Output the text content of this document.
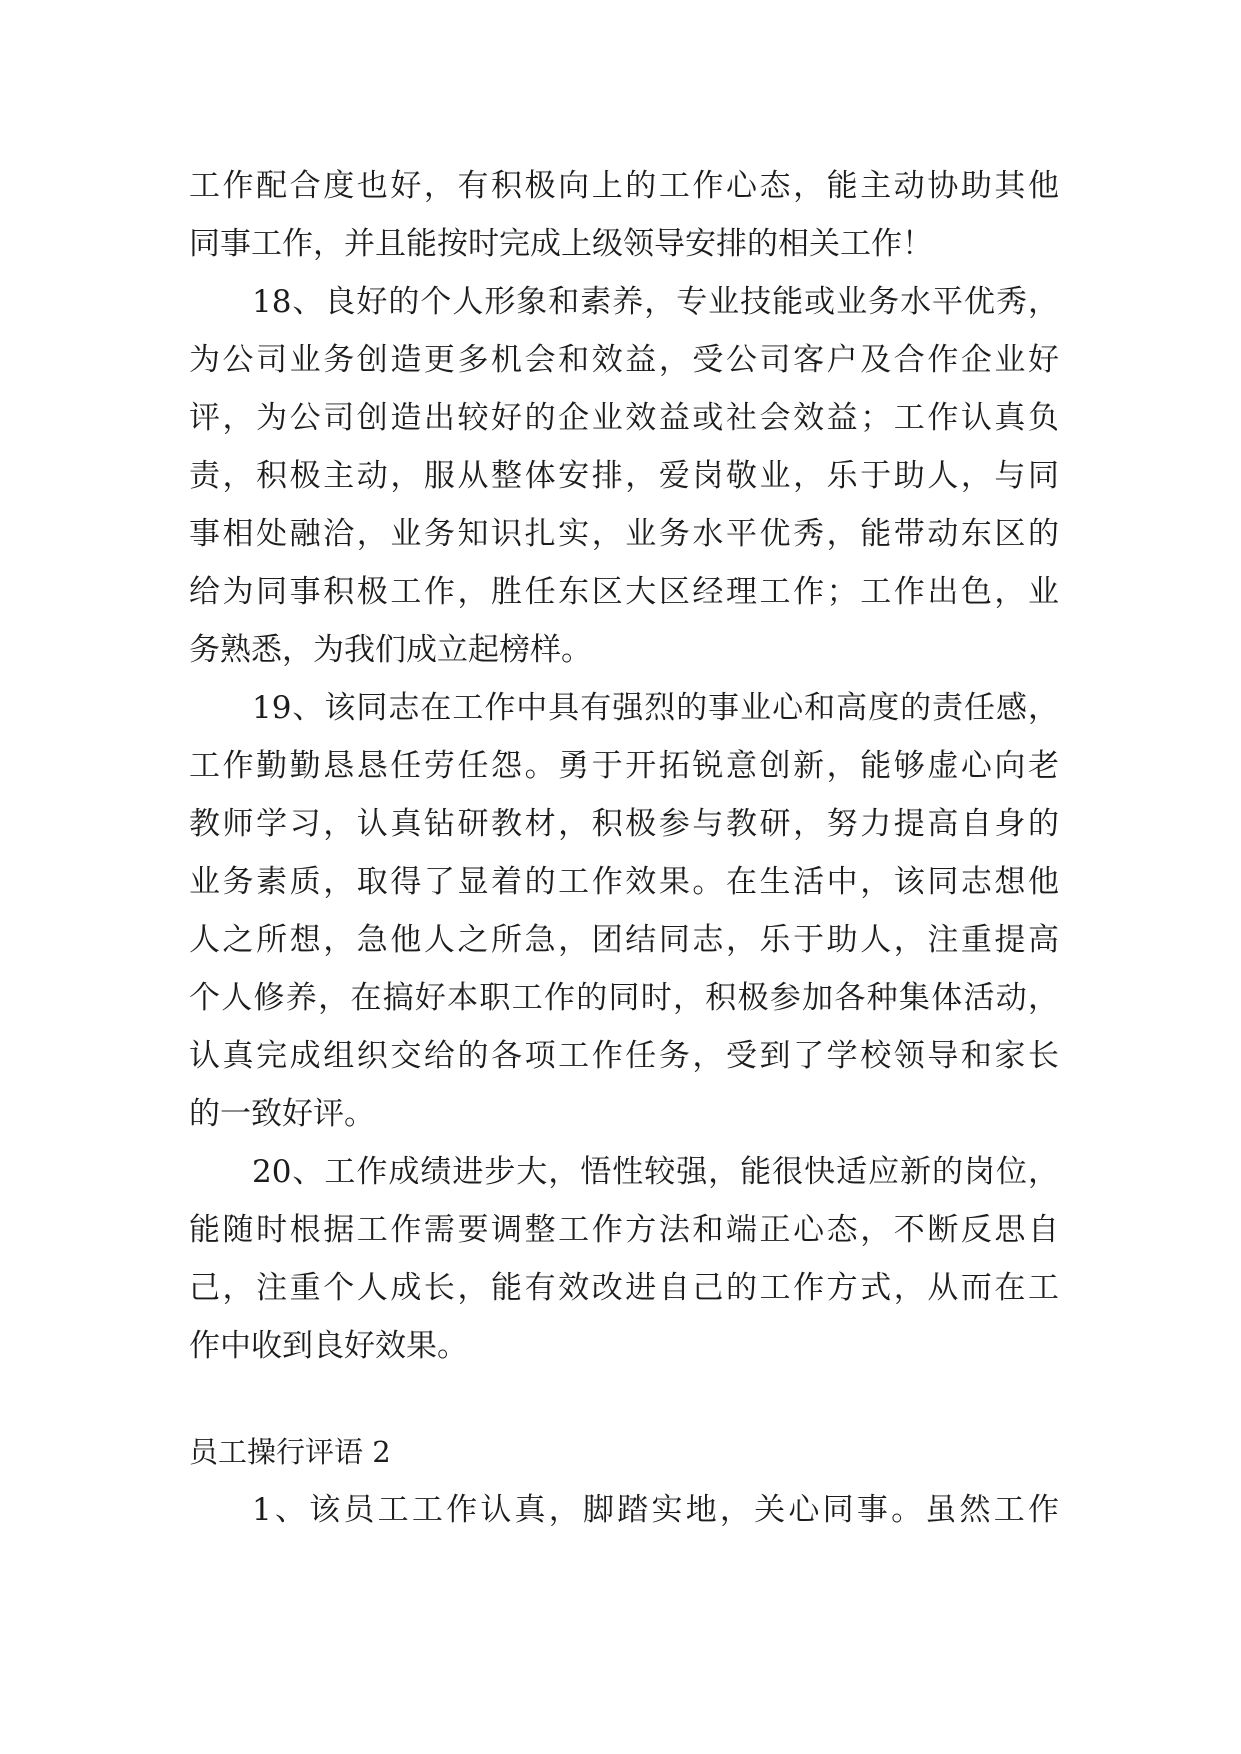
工作配合度也好，有积极向上的工作心态，能主动协助其他
同事工作，并且能按时完成上级领导安排的相关工作！
18、良好的个人形象和素养，专业技能或业务水平优秀，
为公司业务创造更多机会和效益，受公司客户及合作企业好
评，为公司创造出较好的企业效益或社会效益；工作认真负
责，积极主动，服从整体安排，爱岗敬业，乐于助人，与同
事相处融洽，业务知识扎实，业务水平优秀，能带动东区的
给为同事积极工作，胜任东区大区经理工作；工作出色，业
务熟悉，为我们成立起榜样。
19、该同志在工作中具有强烈的事业心和高度的责任感，
工作勤勤恳恳任劳任怨。勇于开拓锐意创新，能够虚心向老
教师学习，认真钻研教材，积极参与教研，努力提高自身的
业务素质，取得了显着的工作效果。在生活中，该同志想他
人之所想，急他人之所急，团结同志，乐于助人，注重提高
个人修养，在搞好本职工作的同时，积极参加各种集体活动，
认真完成组织交给的各项工作任务，受到了学校领导和家长
的一致好评。
20、工作成绩进步大，悟性较强，能很快适应新的岗位，
能随时根据工作需要调整工作方法和端正心态，不断反思自
己，注重个人成长，能有效改进自己的工作方式，从而在工
作中收到良好效果。
员工操行评语 2
1、该员工工作认真，脚踏实地，关心同事。虽然工作
